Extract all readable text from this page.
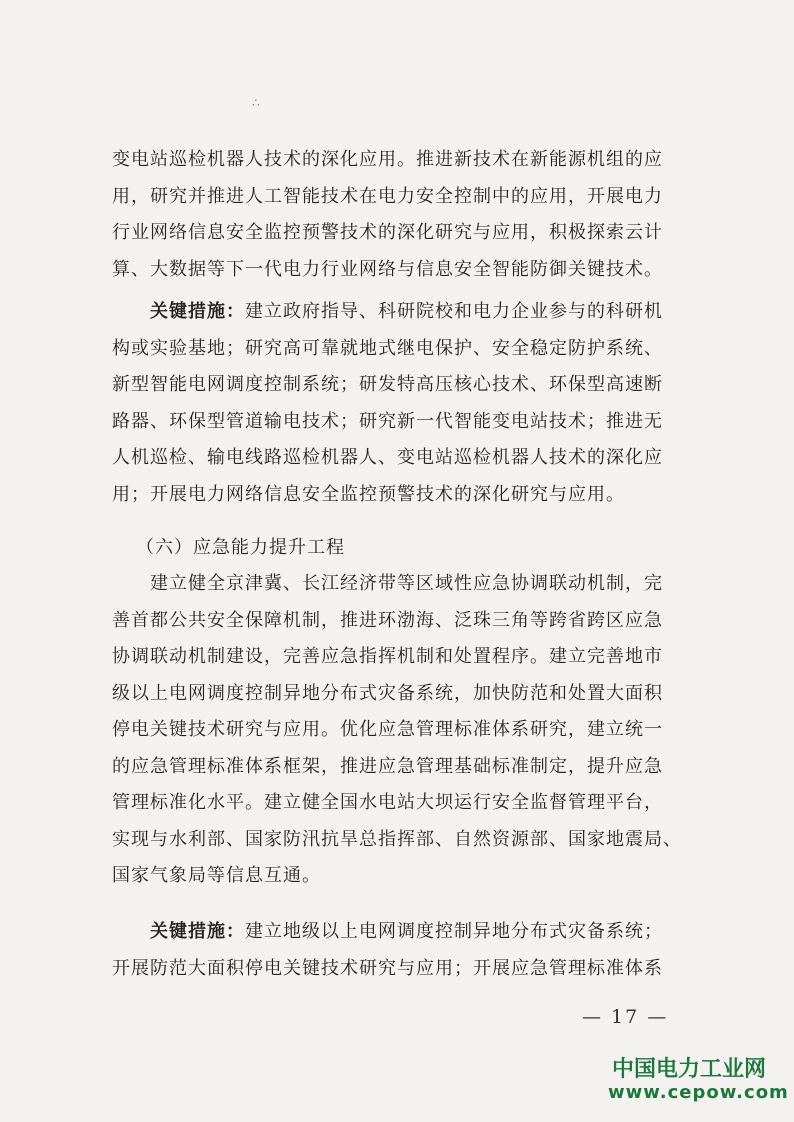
∴
变电站巡检机器人技术的深化应用。推进新技术在新能源机组的应
用，研究并推进人工智能技术在电力安全控制中的应用，开展电力
行业网络信息安全监控预警技术的深化研究与应用，积极探索云计
算、大数据等下一代电力行业网络与信息安全智能防御关键技术。
关键措施：建立政府指导、科研院校和电力企业参与的科研机
构或实验基地；研究高可靠就地式继电保护、安全稳定防护系统、
新型智能电网调度控制系统；研发特高压核心技术、环保型高速断
路器、环保型管道输电技术；研究新一代智能变电站技术；推进无
人机巡检、输电线路巡检机器人、变电站巡检机器人技术的深化应
用；开展电力网络信息安全监控预警技术的深化研究与应用。
（六）应急能力提升工程
建立健全京津冀、长江经济带等区域性应急协调联动机制，完
善首都公共安全保障机制，推进环渤海、泛珠三角等跨省跨区应急
协调联动机制建设，完善应急指挥机制和处置程序。建立完善地市
级以上电网调度控制异地分布式灾备系统，加快防范和处置大面积
停电关键技术研究与应用。优化应急管理标准体系研究，建立统一
的应急管理标准体系框架，推进应急管理基础标准制定，提升应急
管理标准化水平。建立健全国水电站大坝运行安全监督管理平台，
实现与水利部、国家防汛抗旱总指挥部、自然资源部、国家地震局、
国家气象局等信息互通。
关键措施：建立地级以上电网调度控制异地分布式灾备系统；
开展防范大面积停电关键技术研究与应用；开展应急管理标准体系
— 17 —
中国电力工业网
www.cepow.com
